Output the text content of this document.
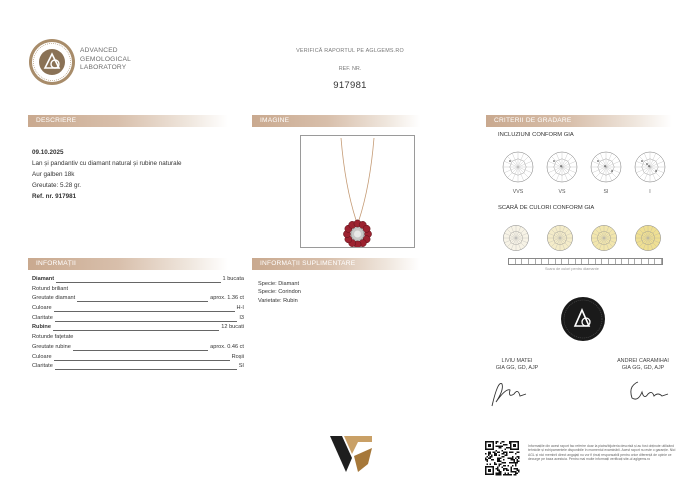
ADVANCED
GEMOLOGICAL
LABORATORY
VERIFICĂ RAPORTUL PE AGLGEMS.RO
REF. NR.
917981
DESCRIERE	IMAGINE	CRITERII DE GRADARE
INFORMAȚII	INFORMAȚII SUPLIMENTARE
09.10.2025
Lan și pandantiv cu diamant natural și rubine naturale
Aur galben 18k
Greutate: 5.28 gr.
Ref. nr. 917981
Diamant	1 bucata
Rotund briliant
Greutate diamant	aprox. 1.36 ct
Culoare	H-I
Claritate	I3
Rubine	12 bucati
Rotunde fațetate
Greutate rubine	aprox. 0.46 ct
Culoare	Roșii
Claritate	SI
Specie: Diamant
Specie: Corindon
Varietate: Rubin
INCLUZIUNI CONFORM GIA
VVS	VS	SI	I
SCARĂ DE CULORI CONFORM GIA
Scara de culori pentru diamante
LIVIU MATEI
GIA GG, GD, AJP
ANDREI CARAMIHAI
GIA GG, GD, AJP
Informațiile din acest raport fac referire doar la piatra/bijuteria descrisă și au fost obținute utilizând tehnicile și echipamentele disponibile în momentul examinării. Acest raport nu este o garanție. Nici AGL și nici membrii direct angajați nu vor fi ținuți responsabili pentru orice diferență de opinie ce decurge pe baza acestuia. Pentru mai multe informații verificați site-ul aglgems.ro
